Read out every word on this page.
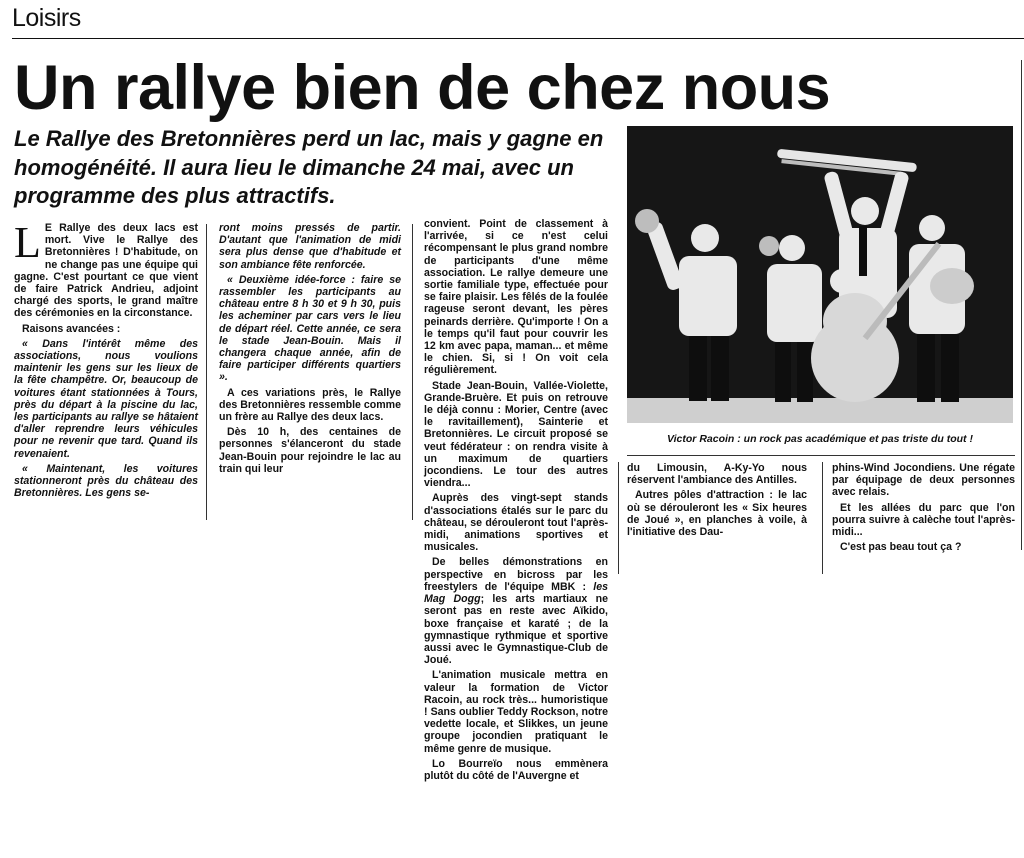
Loisirs
Un rallye bien de chez nous

Le Rallye des Bretonnières perd un lac, mais y gagne en homogénéité. Il aura lieu le dimanche 24 mai, avec un programme des plus attractifs.

L E Rallye des deux lacs est mort. Vive le Rallye des Bretonnières ! D'habitude, on ne change pas une équipe qui gagne. C'est pourtant ce que vient de faire Patrick Andrieu, adjoint chargé des sports, le grand maître des cérémonies en la circonstance.

Raisons avancées :

« Dans l'intérêt même des associations, nous voulions maintenir les gens sur les lieux de la fête champêtre. Or, beaucoup de voitures étant stationnées à Tours, près du départ à la piscine du lac, les participants au rallye se hâtaient d'aller reprendre leurs véhicules pour ne revenir que tard. Quand ils revenaient.

« Maintenant, les voitures stationneront près du château des Bretonnières. Les gens se-

ront moins pressés de partir. D'autant que l'animation de midi sera plus dense que d'habitude et son ambiance fête renforcée.

« Deuxième idée-force : faire se rassembler les participants au château entre 8 h 30 et 9 h 30, puis les acheminer par cars vers le lieu de départ réel. Cette année, ce sera le stade Jean-Bouin. Mais il changera chaque année, afin de faire participer différents quartiers ».

A ces variations près, le Rallye des Bretonnières ressemble comme un frère au Rallye des deux lacs.

Dès 10 h, des centaines de personnes s'élanceront du stade Jean-Bouin pour rejoindre le lac au train qui leur

convient. Point de classement à l'arrivée, si ce n'est celui récompensant le plus grand nombre de participants d'une même association. Le rallye demeure une sortie familiale type, effectuée pour se faire plaisir. Les fêlés de la foulée rageuse seront devant, les pères peinards derrière. Qu'importe ! On a le temps qu'il faut pour couvrir les 12 km avec papa, maman... et même le chien. Si, si ! On voit cela régulièrement.

Stade Jean-Bouin, Vallée-Violette, Grande-Bruère. Et puis on retrouve le déjà connu : Morier, Centre (avec le ravitaillement), Sainterie et Bretonnières. Le circuit proposé se veut fédérateur : on rendra visite à un maximum de quartiers jocondiens. Le tour des autres viendra...

Auprès des vingt-sept stands d'associations étalés sur le parc du château, se dérouleront tout l'après-midi, animations sportives et musicales.

De belles démonstrations en perspective en bicross par les freestylers de l'équipe MBK : les Mag Dogg; les arts martiaux ne seront pas en reste avec Aïkido, boxe française et karaté ; de la gymnastique rythmique et sportive aussi avec le Gymnastique-Club de Joué.

L'animation musicale mettra en valeur la formation de Victor Racoin, au rock très... humoristique ! Sans oublier Teddy Rockson, notre vedette locale, et Slikkes, un jeune groupe jocondien pratiquant le même genre de musique.

Lo Bourreïo nous emmènera plutôt du côté de l'Auvergne et

Victor Racoin : un rock pas académique et pas triste du tout !

du Limousin, A-Ky-Yo nous réservent l'ambiance des Antilles.

Autres pôles d'attraction : le lac où se dérouleront les « Six heures de Joué », en planches à voile, à l'initiative des Dau-

phins-Wind Jocondiens. Une régate par équipage de deux personnes avec relais.

Et les allées du parc que l'on pourra suivre à calèche tout l'après-midi...

C'est pas beau tout ça ?
